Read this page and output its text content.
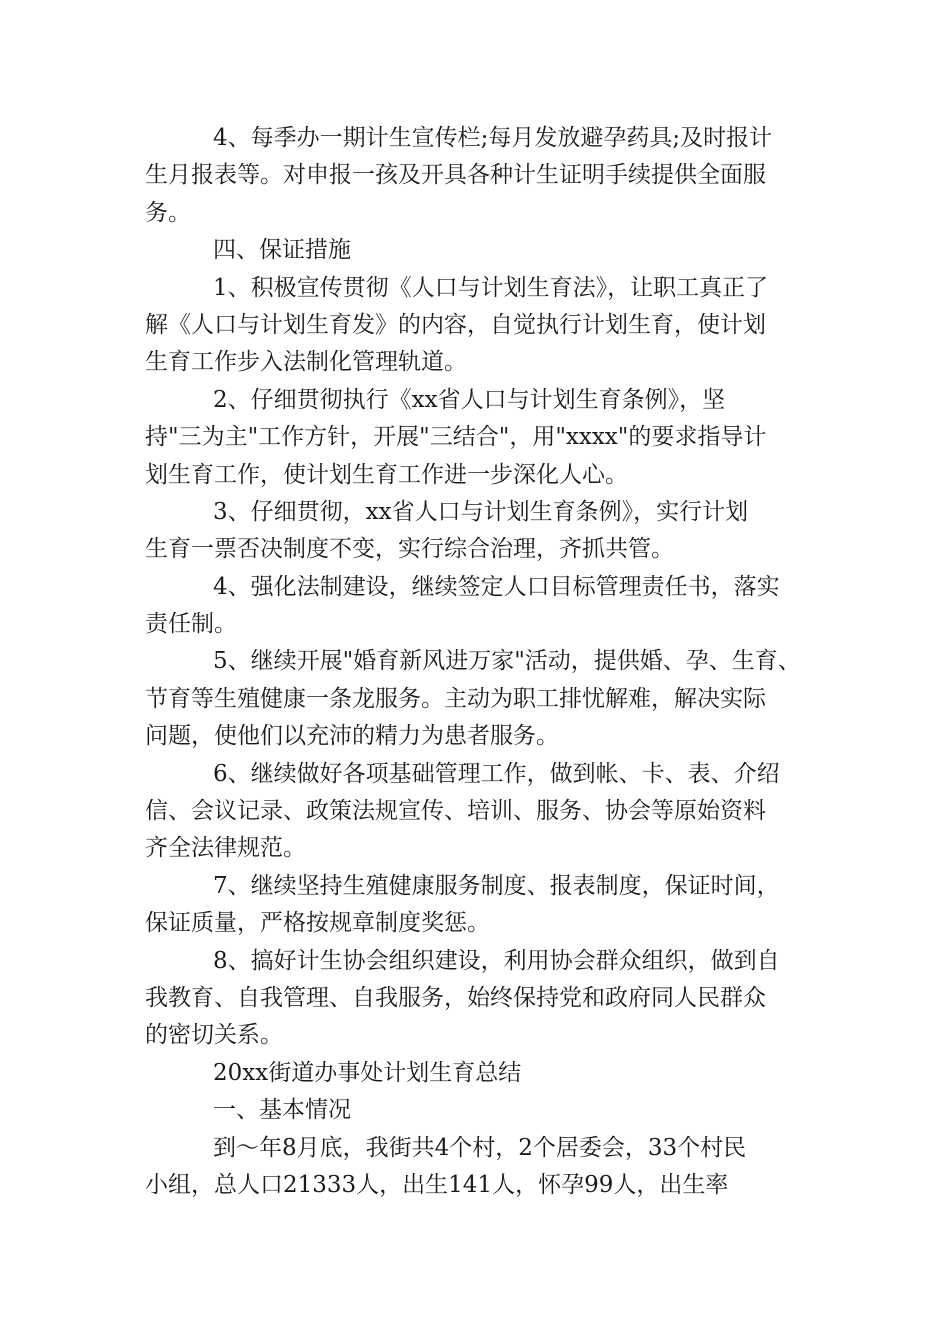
4、每季办一期计生宣传栏;每月发放避孕药具;及时报计
生月报表等。对申报一孩及开具各种计生证明手续提供全面服
务。
四、保证措施
1、积极宣传贯彻《人口与计划生育法》，让职工真正了
解《人口与计划生育发》的内容，自觉执行计划生育，使计划
生育工作步入法制化管理轨道。
2、仔细贯彻执行《xx省人口与计划生育条例》，坚
持"三为主"工作方针，开展"三结合"，用"xxxx"的要求指导计
划生育工作，使计划生育工作进一步深化人心。
3、仔细贯彻，xx省人口与计划生育条例》，实行计划
生育一票否决制度不变，实行综合治理，齐抓共管。
4、强化法制建设，继续签定人口目标管理责任书，落实
责任制。
5、继续开展"婚育新风进万家"活动，提供婚、孕、生育、
节育等生殖健康一条龙服务。主动为职工排忧解难，解决实际
问题，使他们以充沛的精力为患者服务。
6、继续做好各项基础管理工作，做到帐、卡、表、介绍
信、会议记录、政策法规宣传、培训、服务、协会等原始资料
齐全法律规范。
7、继续坚持生殖健康服务制度、报表制度，保证时间，
保证质量，严格按规章制度奖惩。
8、搞好计生协会组织建设，利用协会群众组织，做到自
我教育、自我管理、自我服务，始终保持党和政府同人民群众
的密切关系。
20xx街道办事处计划生育总结
一、基本情况
到～年8月底，我街共4个村，2个居委会，33个村民
小组，总人口21333人，出生141人，怀孕99人，出生率
